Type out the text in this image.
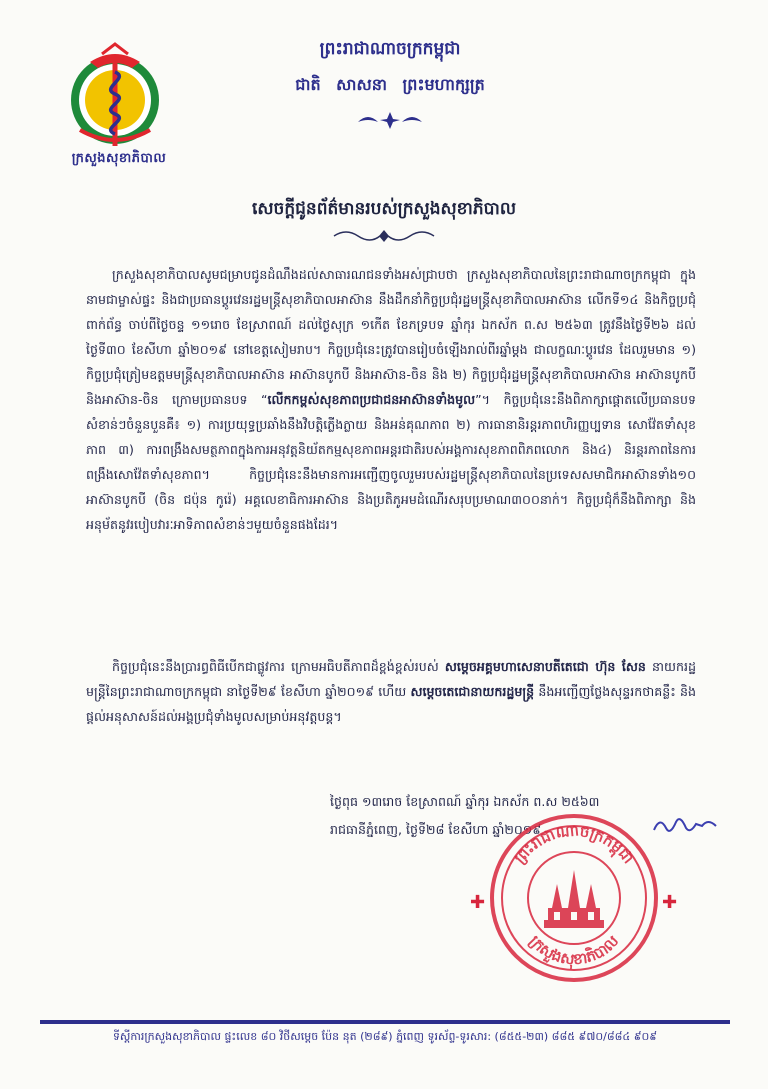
ក្រសួងសុខាភិបាល
ព្រះរាជាណាចក្រកម្ពុជា
ជាតិ សាសនា ព្រះមហាក្សត្រ
សេចក្តីជូនព័ត៌មានរបស់ក្រសួងសុខាភិបាល
ក្រសួងសុខាភិបាលសូមជម្រាបជូនដំណឹងដល់សាធារណជនទាំងអស់ជ្រាបថា ក្រសួងសុខាភិបាលនៃព្រះរាជាណាចក្រកម្ពុជា ក្នុងនាមជាម្ចាស់ផ្ទះ និងជាប្រធានប្តូរវេនរដ្ឋមន្ត្រីសុខាភិបាលអាស៊ាន នឹងដឹកនាំកិច្ចប្រជុំរដ្ឋមន្ត្រីសុខាភិបាលអាស៊ាន លើកទី១៤ និងកិច្ចប្រជុំពាក់ព័ន្ធ ចាប់ពីថ្ងៃចន្ទ ១១រោច ខែស្រាពណ៍ ដល់ថ្ងៃសុក្រ ១កើត ខែភទ្របទ ឆ្នាំកុរ ឯកស័ក ព.ស ២៥៦៣ ត្រូវនឹងថ្ងៃទី២៦ ដល់ថ្ងៃទី៣០ ខែសីហា ឆ្នាំ២០១៩ នៅខេត្តសៀមរាប។ កិច្ចប្រជុំនេះត្រូវបានរៀបចំឡើងរាល់ពីរឆ្នាំម្តង ជាលក្ខណៈប្តូរវេន ដែលរួមមាន ១) កិច្ចប្រជុំត្រៀមឧត្តមមន្ត្រីសុខាភិបាលអាស៊ាន អាស៊ានបូកបី និងអាស៊ាន-ចិន និង ២) កិច្ចប្រជុំរដ្ឋមន្ត្រីសុខាភិបាលអាស៊ាន អាស៊ានបូកបី និងអាស៊ាន-ចិន ក្រោមប្រធានបទ “លើកកម្ពស់សុខភាពប្រជាជនអាស៊ានទាំងមូល”។ កិច្ចប្រជុំនេះនឹងពិភាក្សាផ្តោតលើប្រធានបទសំខាន់ៗចំនួនបួនគឺ៖ ១) ការប្រយុទ្ធប្រឆាំងនឹងវិបត្តិភ្លើងភ្លាយ និងអន់គុណភាព ២) ការធានានិរន្តរភាពហិរញ្ញប្បទាន សោវ៉ែតទាំសុខភាព ៣) ការពង្រឹងសមត្ថភាពក្នុងការអនុវត្តនិយ័តកម្មសុខភាពអន្តរជាតិរបស់អង្គការសុខភាពពិភពលោក និង៤) និរន្តរភាពនៃការពង្រឹងសោវ៉ែតទាំសុខភាព។ កិច្ចប្រជុំនេះនឹងមានការអញ្ជើញចូលរួមរបស់រដ្ឋមន្ត្រីសុខាភិបាលនៃប្រទេសសមាជិកអាស៊ានទាំង១០ អាស៊ានបូកបី (ចិន ជប៉ុន កូរ៉េ) អគ្គលេខាធិការអាស៊ាន និងប្រតិភូអមដំណើរសរុបប្រមាណ៣០០នាក់។ កិច្ចប្រជុំក៏នឹងពិភាក្សា និងអនុម័តនូវរបៀបវារៈអាទិភាពសំខាន់ៗមួយចំនួនផងដែរ។
កិច្ចប្រជុំនេះនឹងប្រារព្ធពិធីបើកជាផ្លូវការ ក្រោមអធិបតីភាពដ៏ខ្ពង់ខ្ពស់របស់ សម្តេចអគ្គមហាសេនាបតីតេជោ ហ៊ុន សែន នាយករដ្ឋមន្ត្រីនៃព្រះរាជាណាចក្រកម្ពុជា នាថ្ងៃទី២៩ ខែសីហា ឆ្នាំ២០១៩ ហើយ សម្តេចតេជោនាយករដ្ឋមន្ត្រី នឹងអញ្ជើញថ្លែងសុន្ទរកថាគន្លឹះ និងផ្តល់អនុសាសន៍ដល់អង្គប្រជុំទាំងមូលសម្រាប់អនុវត្តបន្ត។
ថ្ងៃពុធ ១៣រោច ខែស្រាពណ៍ ឆ្នាំកុរ ឯកស័ក ព.ស ២៥៦៣
រាជធានីភ្នំពេញ, ថ្ងៃទី២៨ ខែសីហា ឆ្នាំ២០១៩
ព្រះរាជាណាចក្រកម្ពុជា
ក្រសួងសុខាភិបាល
✚	✚
ទីស្តីការក្រសួងសុខាភិបាល ផ្ទះលេខ ៨០ វិថីសម្តេច ប៉ែន នុត (២៨៩) ភ្នំពេញ ទូរស័ព្ទ-ទូរសារ: (៨៥៥-២៣) ៨៨៥ ៩៧០/៨៨៤ ៩០៩
